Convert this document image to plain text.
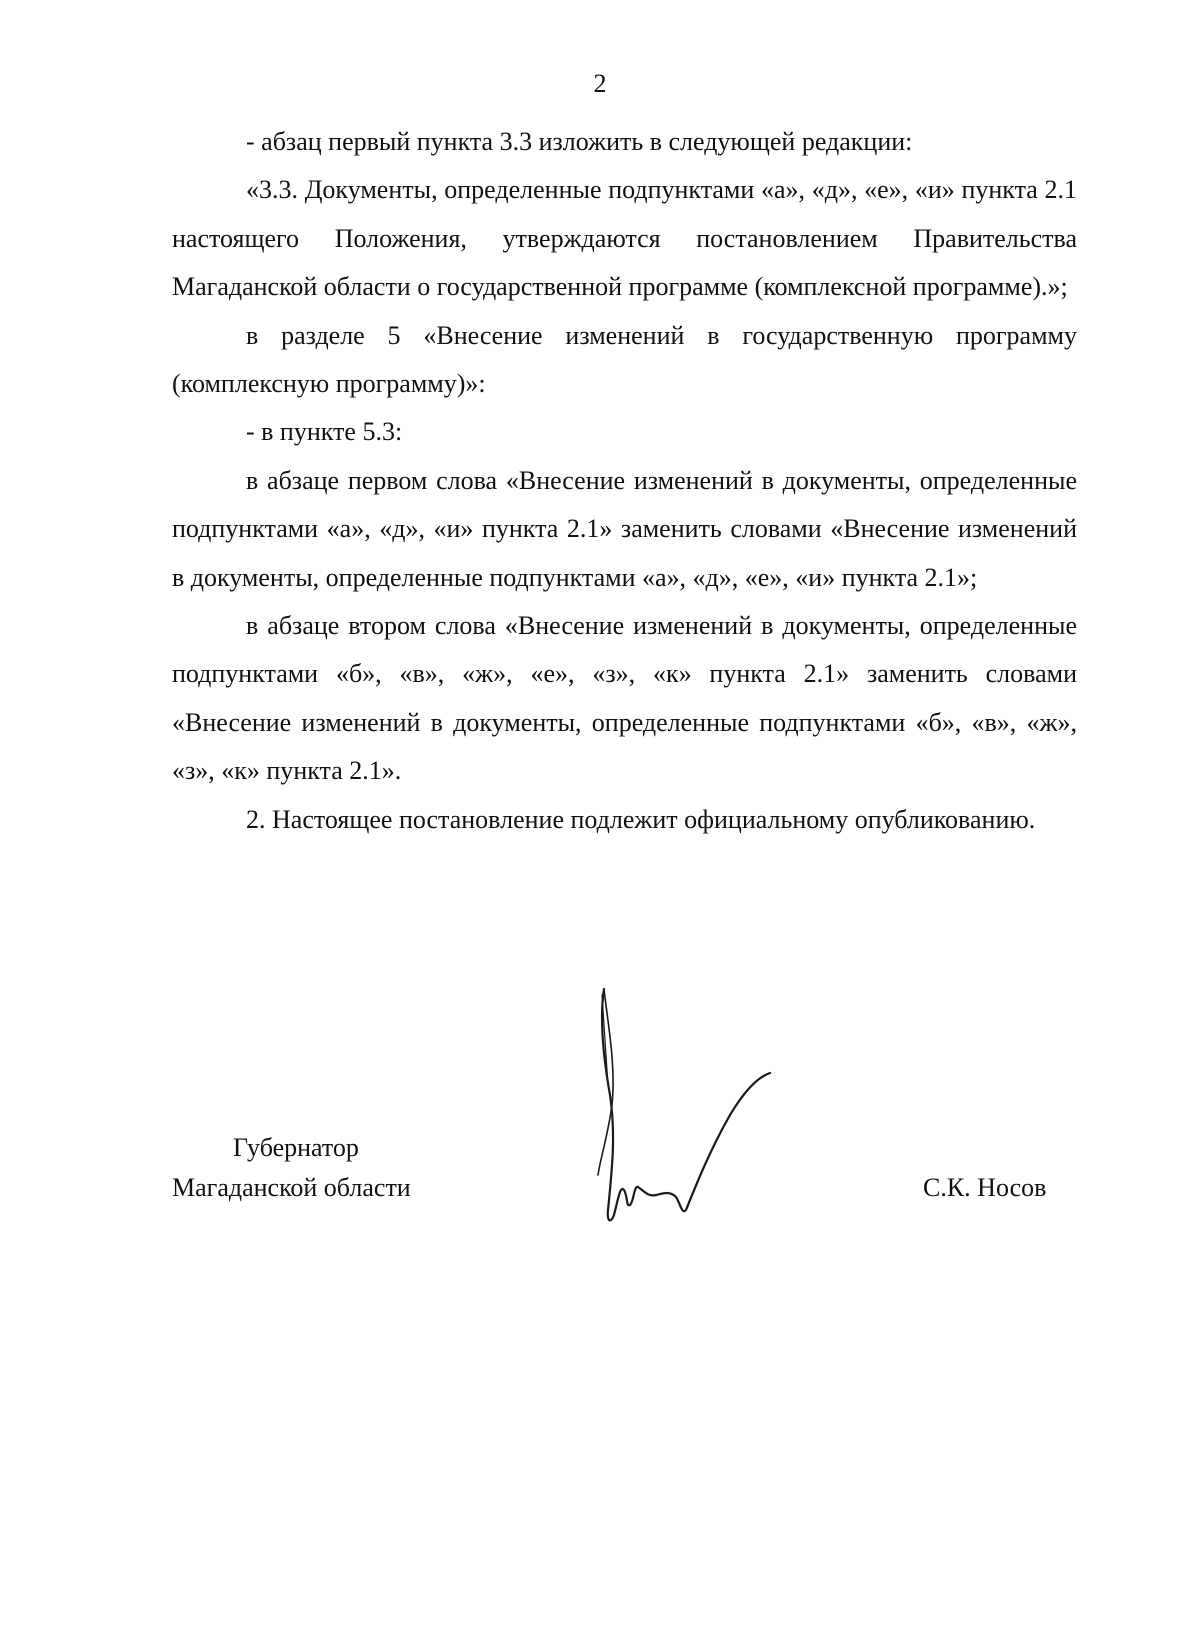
2

- абзац первый пункта 3.3 изложить в следующей редакции:

«3.3. Документы, определенные подпунктами «а», «д», «е», «и» пункта 2.1 настоящего Положения, утверждаются постановлением Правительства Магаданской области о государственной программе (комплексной программе).»;

в разделе 5 «Внесение изменений в государственную программу (комплексную программу)»:

- в пункте 5.3:

в абзаце первом слова «Внесение изменений в документы, определенные подпунктами «а», «д», «и» пункта 2.1» заменить словами «Внесение изменений в документы, определенные подпунктами «а», «д», «е», «и» пункта 2.1»;

в абзаце втором слова «Внесение изменений в документы, определенные подпунктами «б», «в», «ж», «е», «з», «к» пункта 2.1» заменить словами «Внесение изменений в документы, определенные подпунктами «б», «в», «ж», «з», «к» пункта 2.1».

2. Настоящее постановление подлежит официальному опубликованию.

Губернатор
Магаданской области	С.К. Носов
